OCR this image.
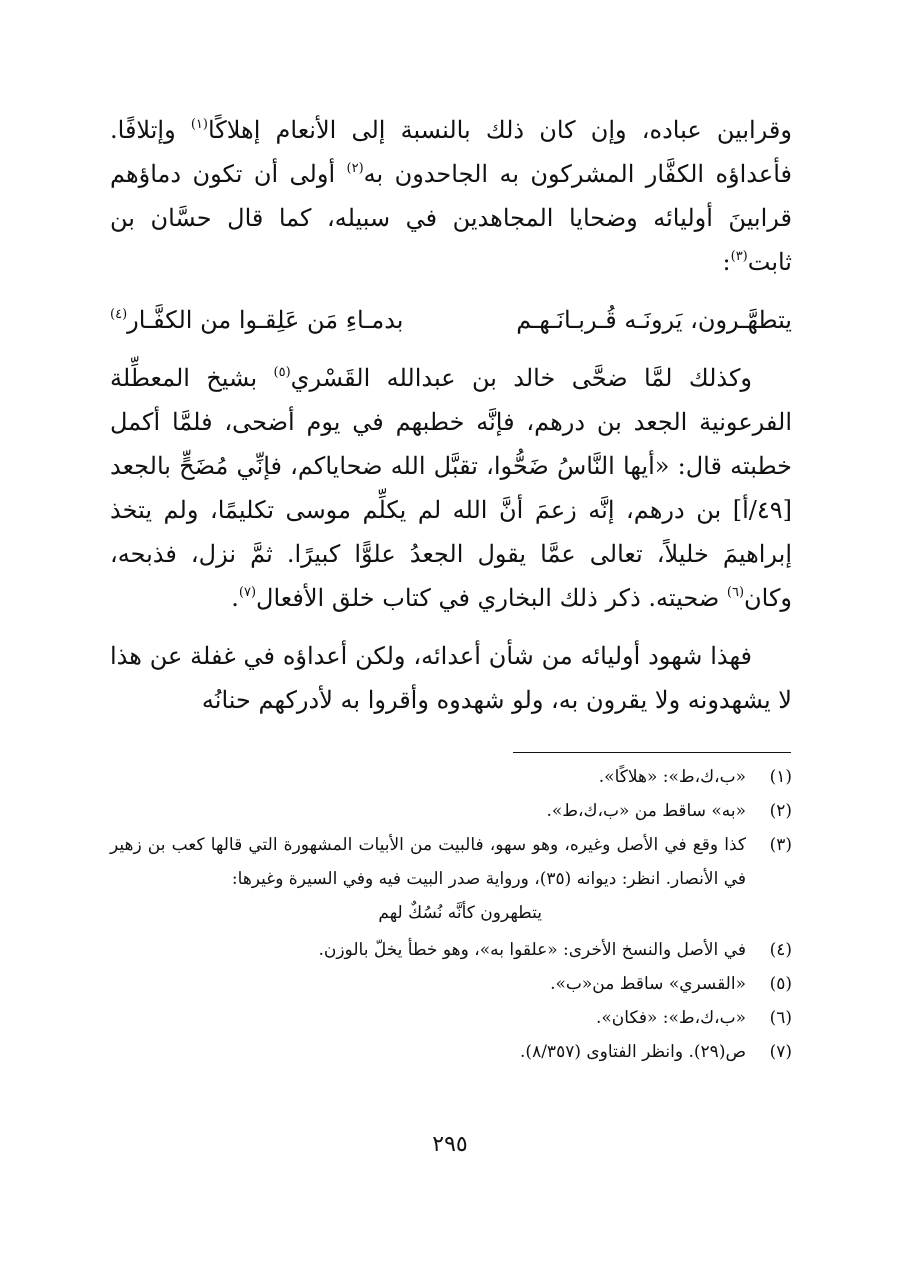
وقرابين عباده، وإن كان ذلك بالنسبة إلى الأنعام إهلاكًا$^{(١)}$ وإتلافًا. فأعداؤه الكفَّار المشركون به الجاحدون به$^{(٢)}$ أولى أن تكون دماؤهم قرابينَ أوليائه وضحايا المجاهدين في سبيله، كما قال حسَّان بن ثابت$^{(٣)}$:

يتطهَّـرون، يَرونَـه قُـربـانَـهـم
بدمـاءِ مَن عَلِقـوا من الكفَّـار$^{(٤)}$

وكذلك لمَّا ضحَّى خالد بن عبدالله القَسْري$^{(٥)}$ بشيخ المعطِّلة الفرعونية الجعد بن درهم، فإنَّه خطبهم في يوم أضحى، فلمَّا أكمل خطبته قال: «أيها النَّاسُ ضَحُّوا، تقبَّل الله ضحاياكم، فإنِّي مُضَحٍّ بالجعد [٤٩/أ] بن درهم، إنَّه زعمَ أنَّ الله لم يكلِّم موسى تكليمًا، ولم يتخذ إبراهيمَ خليلاً، تعالى عمَّا يقول الجعدُ علوًّا كبيرًا. ثمَّ نزل، فذبحه، وكان$^{(٦)}$ ضحيته. ذكر ذلك البخاري في كتاب خلق الأفعال$^{(٧)}$.

فهذا شهود أوليائه من شأن أعدائه، ولكن أعداؤه في غفلة عن هذا لا يشهدونه ولا يقرون به، ولو شهدوه وأقروا به لأدركهم حنانُه

(١)
«ب،ك،ط»: «هلاكًا».
(٢)
«به» ساقط من «ب،ك،ط».
(٣)
كذا وقع في الأصل وغيره، وهو سهو، فالبيت من الأبيات المشهورة التي قالها كعب بن زهير في الأنصار. انظر: ديوانه (٣٥)، ورواية صدر البيت فيه وفي السيرة وغيرها:
يتطهرون كأنَّه نُسُكٌ لهم
(٤)
في الأصل والنسخ الأخرى: «علقوا به»، وهو خطأ يخلّ بالوزن.
(٥)
«القسري» ساقط من«ب».
(٦)
«ب،ك،ط»: «فكان».
(٧)
ص(٢٩). وانظر الفتاوى (٨/٣٥٧).
٢٩٥
